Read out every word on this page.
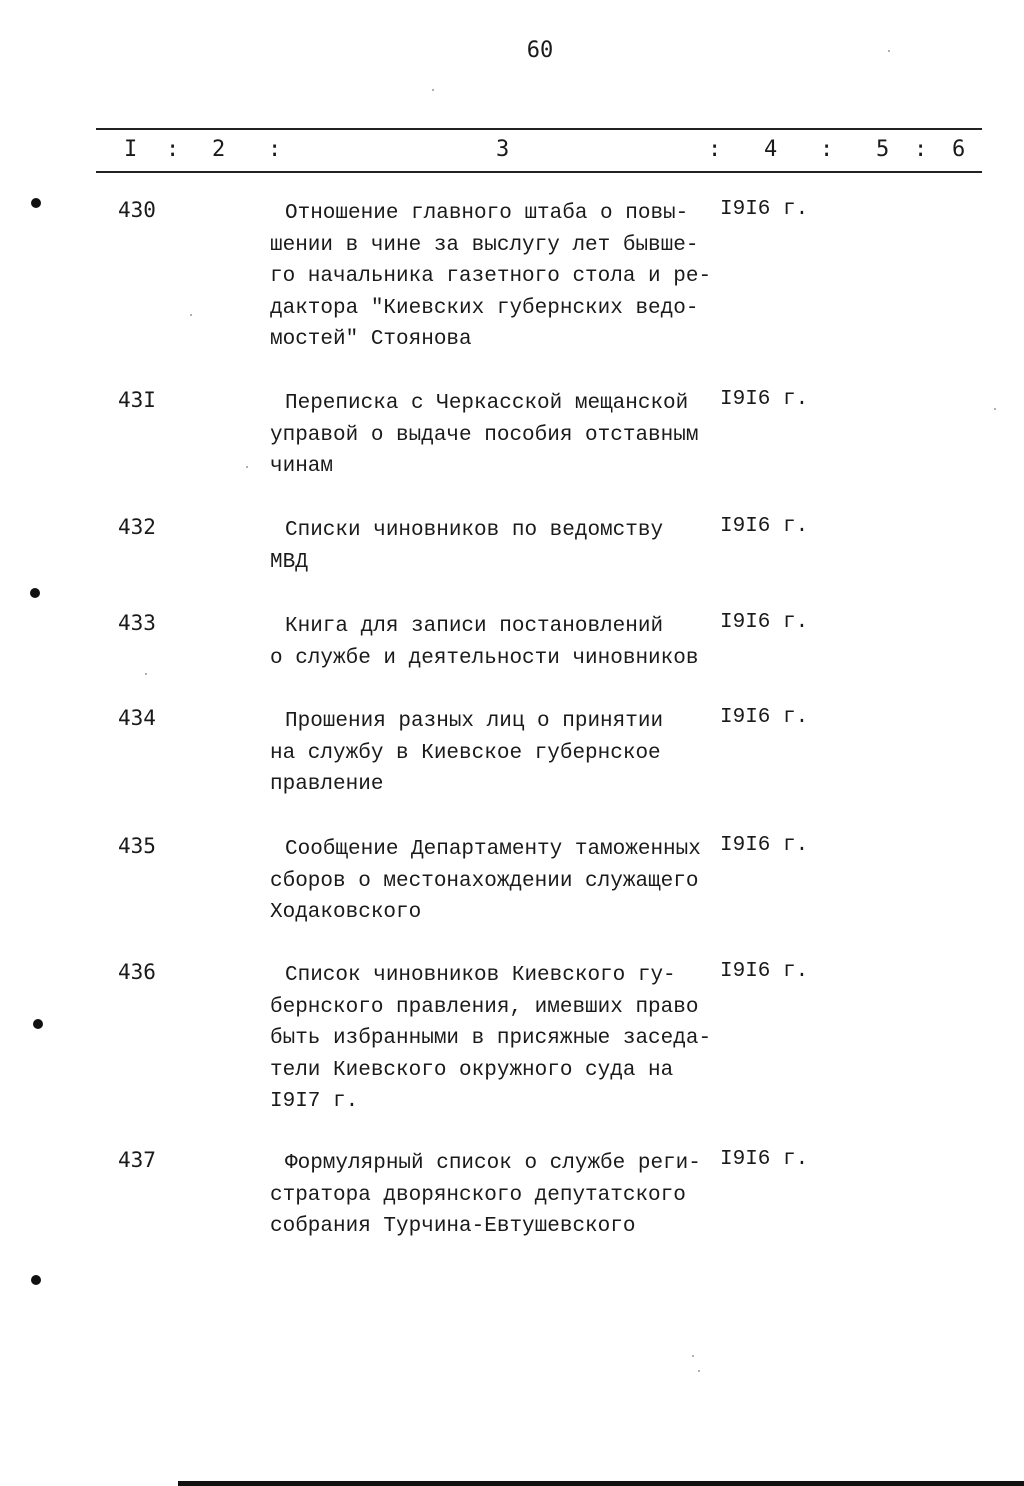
60
I : 2 :	3	: 4 : 5 : 6
430	Отношение главного штаба о повы-
шении в чине за выслугу лет бывше-
го начальника газетного стола и ре-
дактора "Киевских губернских ведо-
мостей" Стоянова
I9I6 г.
43I	Переписка с Черкасской мещанской
управой о выдаче пособия отставным
чинам
I9I6 г.
432	Списки чиновников по ведомству
МВД
I9I6 г.
433	Книга для записи постановлений
о службе и деятельности чиновников
I9I6 г.
434	Прошения разных лиц о принятии
на службу в Киевское губернское
правление
I9I6 г.
435	Сообщение Департаменту таможенных
сборов о местонахождении служащего
Ходаковского
I9I6 г.
436	Список чиновников Киевского гу-
бернского правления, имевших право
быть избранными в присяжные заседа-
тели Киевского окружного суда на
I9I7 г.
I9I6 г.
437	Формулярный список о службе реги-
стратора дворянского депутатского
собрания Турчина-Евтушевского
I9I6 г.
